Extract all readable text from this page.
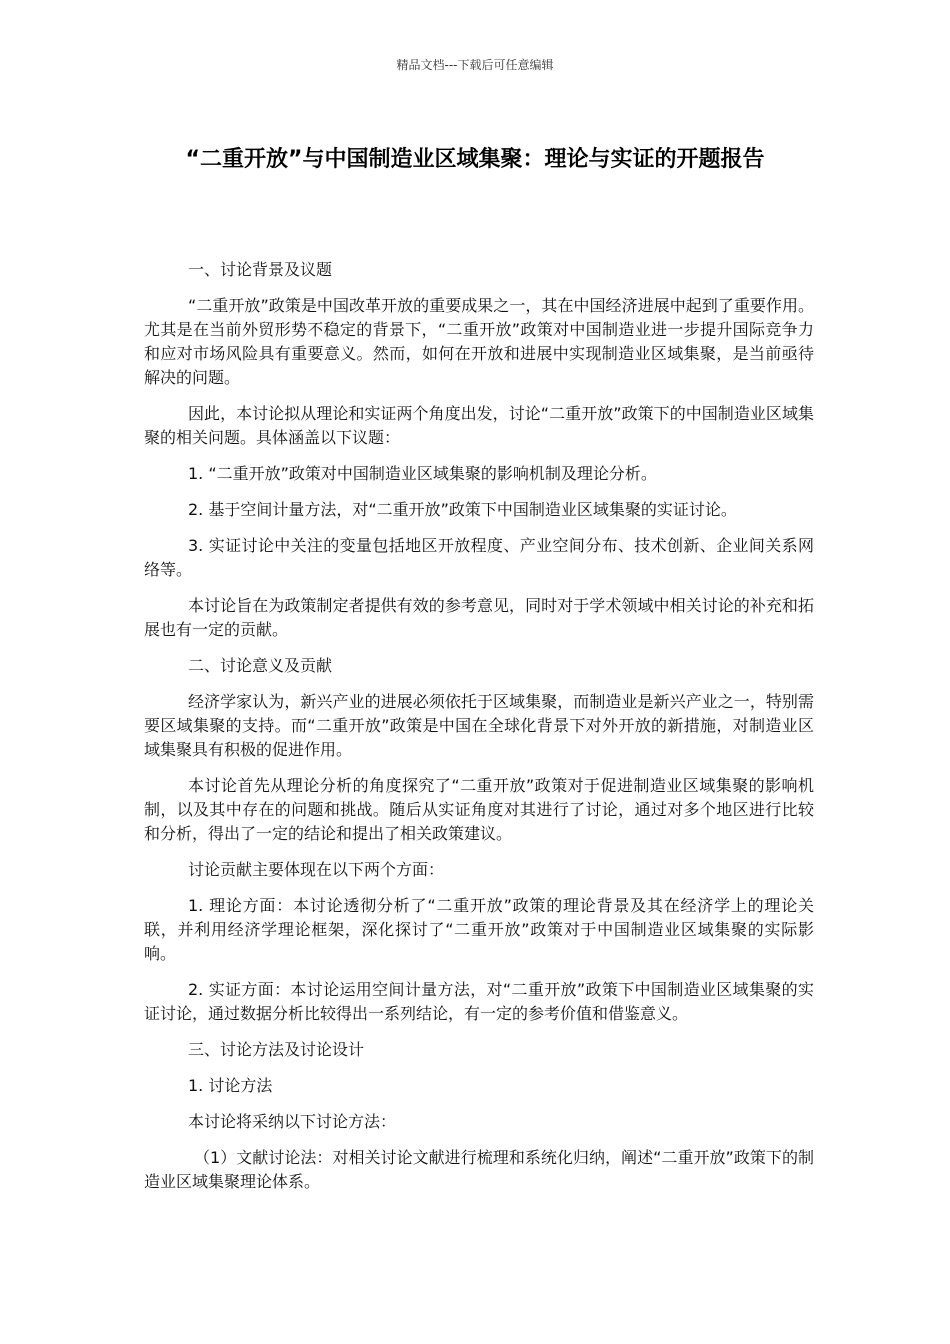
精品文档---下载后可任意编辑
“二重开放”与中国制造业区域集聚：理论与实证的开题报告

一、讨论背景及议题

“二重开放”政策是中国改革开放的重要成果之一，其在中国经济进展中起到了重要作用。尤其是在当前外贸形势不稳定的背景下，“二重开放”政策对中国制造业进一步提升国际竞争力和应对市场风险具有重要意义。然而，如何在开放和进展中实现制造业区域集聚，是当前亟待解决的问题。

因此，本讨论拟从理论和实证两个角度出发，讨论“二重开放”政策下的中国制造业区域集聚的相关问题。具体涵盖以下议题：

1. “二重开放”政策对中国制造业区域集聚的影响机制及理论分析。

2. 基于空间计量方法，对“二重开放”政策下中国制造业区域集聚的实证讨论。

3. 实证讨论中关注的变量包括地区开放程度、产业空间分布、技术创新、企业间关系网络等。

本讨论旨在为政策制定者提供有效的参考意见，同时对于学术领域中相关讨论的补充和拓展也有一定的贡献。

二、讨论意义及贡献

经济学家认为，新兴产业的进展必须依托于区域集聚，而制造业是新兴产业之一，特别需要区域集聚的支持。而“二重开放”政策是中国在全球化背景下对外开放的新措施，对制造业区域集聚具有积极的促进作用。

本讨论首先从理论分析的角度探究了“二重开放”政策对于促进制造业区域集聚的影响机制，以及其中存在的问题和挑战。随后从实证角度对其进行了讨论，通过对多个地区进行比较和分析，得出了一定的结论和提出了相关政策建议。

讨论贡献主要体现在以下两个方面：

1. 理论方面：本讨论透彻分析了“二重开放”政策的理论背景及其在经济学上的理论关联，并利用经济学理论框架，深化探讨了“二重开放”政策对于中国制造业区域集聚的实际影响。

2. 实证方面：本讨论运用空间计量方法，对“二重开放”政策下中国制造业区域集聚的实证讨论，通过数据分析比较得出一系列结论，有一定的参考价值和借鉴意义。

三、讨论方法及讨论设计

1. 讨论方法

本讨论将采纳以下讨论方法：

（1）文献讨论法：对相关讨论文献进行梳理和系统化归纳，阐述“二重开放”政策下的制造业区域集聚理论体系。
